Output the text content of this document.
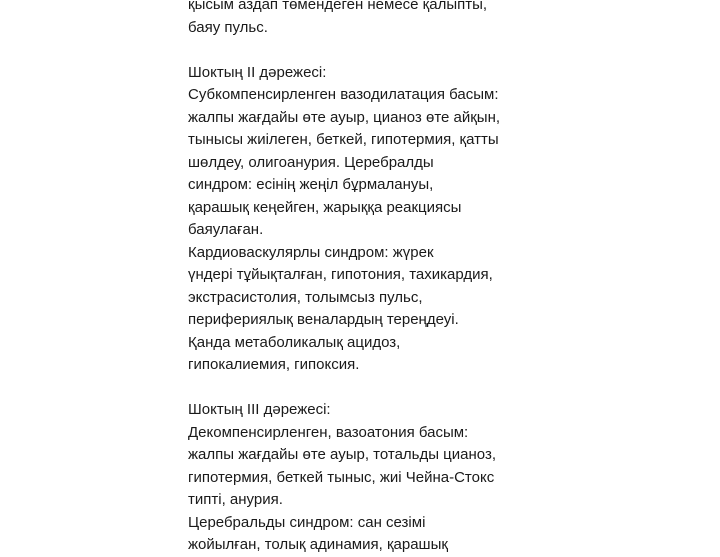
қысым аздап төмендеген немесе қалыпты,
баяу пульс.
Шоктың ІІ дәрежесі:
Субкомпенсирленген вазодилатация басым:
жалпы жағдайы өте ауыр, цианоз өте айқын,
тынысы жиілеген, беткей, гипотермия, қатты
шөлдеу, олигоанурия. Церебралды
синдром: есінің жеңіл бұрмалануы,
қарашық кеңейген, жарыққа реакциясы
баяулаған.
Кардиоваскулярлы синдром: жүрек
үндері тұйықталған, гипотония, тахикардия,
экстрасистолия, толымсыз пульс,
перифериялық веналардың тереңдеуі.
Қанда метаболикалық ацидоз,
гипокалиемия, гипоксия.
Шоктың ІІІ дәрежесі:
Декомпенсирленген, вазоатония басым:
жалпы жағдайы өте ауыр, тотальды цианоз,
гипотермия, беткей тыныс, жиі Чейна-Стокс
типті, анурия.
Церебральды синдром: сан сезімі
жойылған, толық адинамия, қарашық
